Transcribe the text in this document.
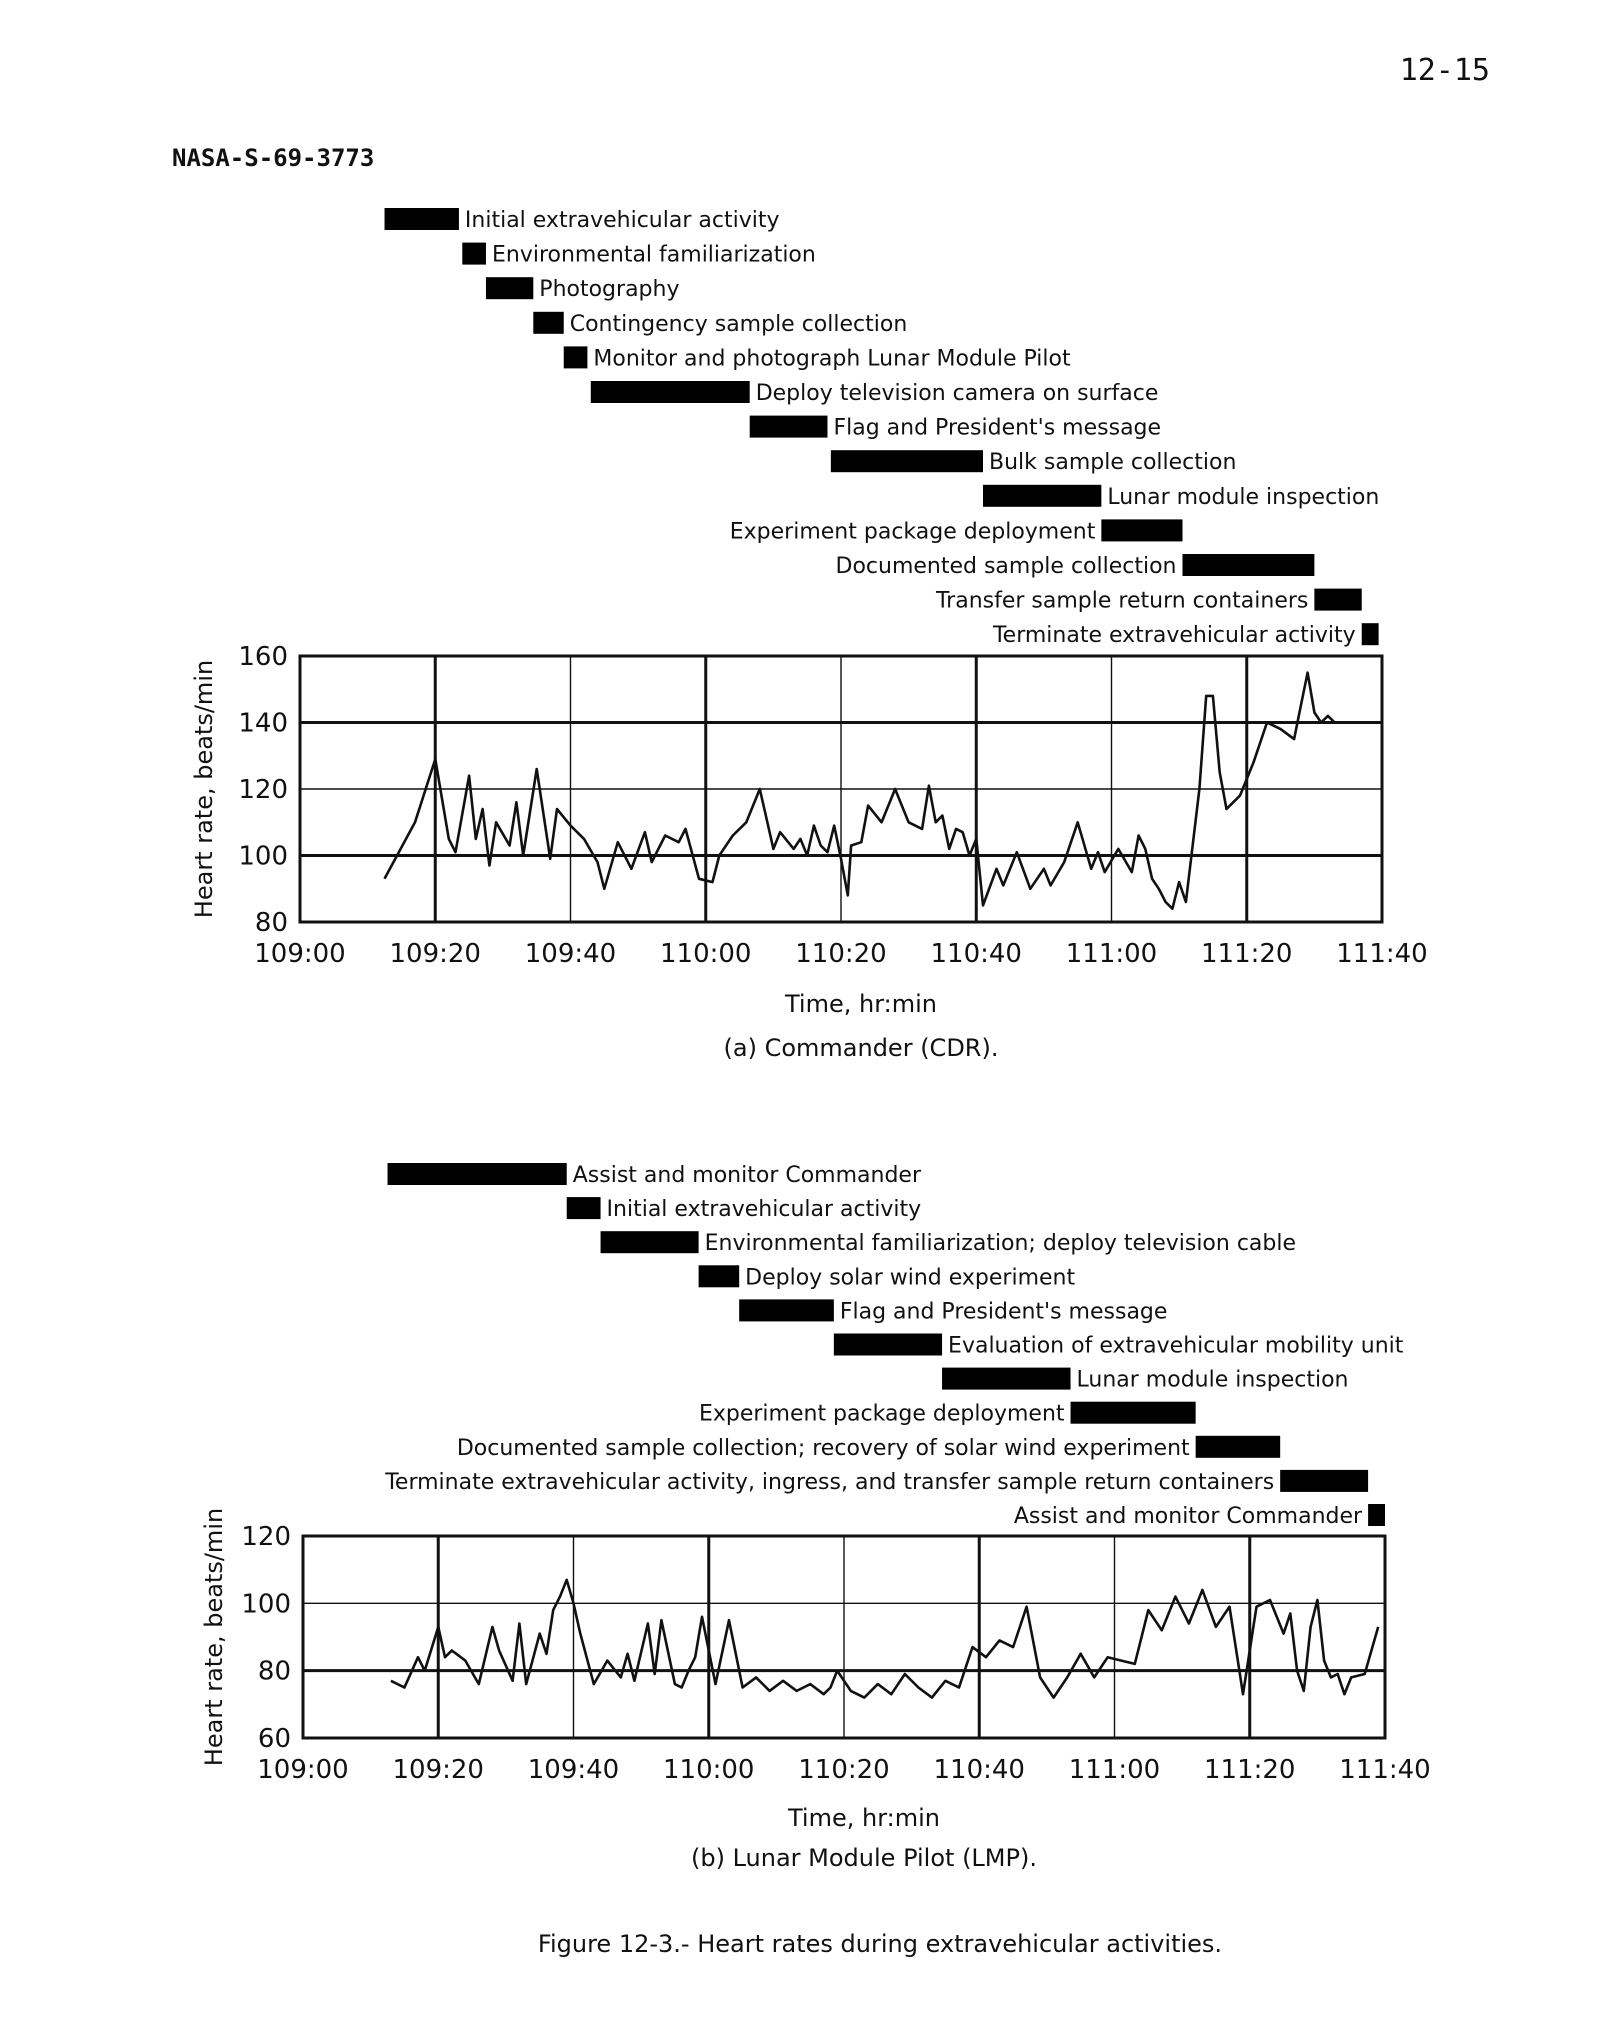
12-15
NASA-S-69-3773
109:00 109:20 109:40 110:00 110:20 110:40 111:00 111:20 111:40
80
100
120
140
160
Initial extravehicular activity
Environmental familiarization
Photography
Contingency sample collection
Monitor and photograph Lunar Module Pilot
Deploy television camera on surface
Flag and President's message
Bulk sample collection
Lunar module inspection
Experiment package deployment
Documented sample collection
Transfer sample return containers
Terminate extravehicular activity
Time, hr:min
Heart rate, beats/min
(a) Commander (CDR).
109:00 109:20 109:40 110:00 110:20 110:40 111:00 111:20 111:40
60
80
100
120
Assist and monitor Commander
Initial extravehicular activity
Environmental familiarization; deploy television cable
Deploy solar wind experiment
Flag and President's message
Evaluation of extravehicular mobility unit
Lunar module inspection
Experiment package deployment
Documented sample collection; recovery of solar wind experiment
Terminate extravehicular activity, ingress, and transfer sample return containers
Assist and monitor Commander
Time, hr:min
Heart rate, beats/min
(b) Lunar Module Pilot (LMP).
Figure 12-3.- Heart rates during extravehicular activities.
